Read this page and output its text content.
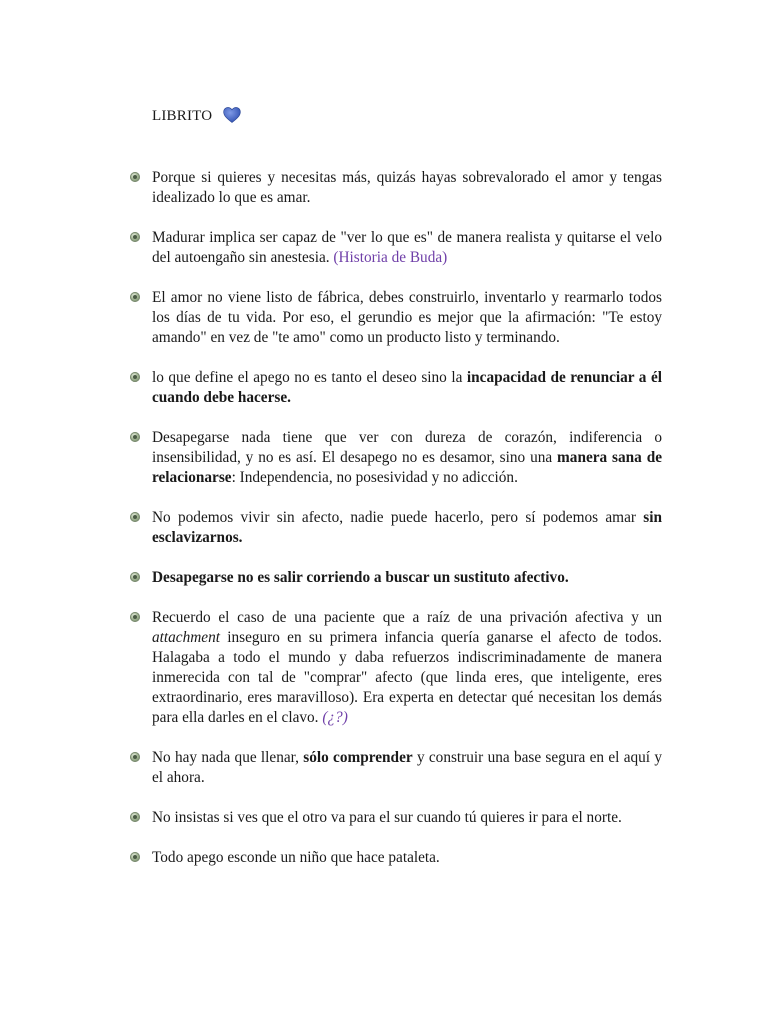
LIBRITO
Porque si quieres y necesitas más, quizás hayas sobrevalorado el amor y tengas idealizado lo que es amar.
Madurar implica ser capaz de "ver lo que es" de manera realista y quitarse el velo del autoengaño sin anestesia. (Historia de Buda)
El amor no viene listo de fábrica, debes construirlo, inventarlo y rearmarlo todos los días de tu vida. Por eso, el gerundio es mejor que la afirmación: "Te estoy amando" en vez de "te amo" como un producto listo y terminando.
lo que define el apego no es tanto el deseo sino la incapacidad de renunciar a él cuando debe hacerse.
Desapegarse nada tiene que ver con dureza de corazón, indiferencia o insensibilidad, y no es así. El desapego no es desamor, sino una manera sana de relacionarse: Independencia, no posesividad y no adicción.
No podemos vivir sin afecto, nadie puede hacerlo, pero sí podemos amar sin esclavizarnos.
Desapegarse no es salir corriendo a buscar un sustituto afectivo.
Recuerdo el caso de una paciente que a raíz de una privación afectiva y un attachment inseguro en su primera infancia quería ganarse el afecto de todos. Halagaba a todo el mundo y daba refuerzos indiscriminadamente de manera inmerecida con tal de "comprar" afecto (que linda eres, que inteligente, eres extraordinario, eres maravilloso). Era experta en detectar qué necesitan los demás para ella darles en el clavo. (¿?)
No hay nada que llenar, sólo comprender y construir una base segura en el aquí y el ahora.
No insistas si ves que el otro va para el sur cuando tú quieres ir para el norte.
Todo apego esconde un niño que hace pataleta.
